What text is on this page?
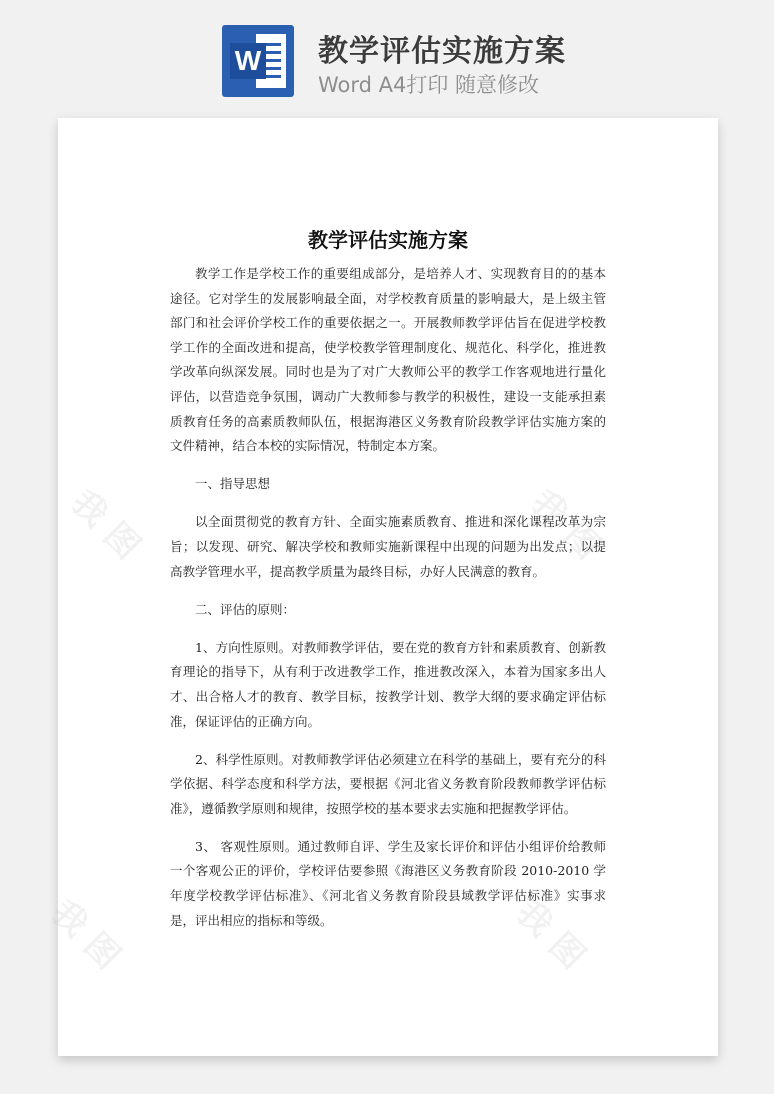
W 教学评估实施方案
Word A4打印 随意修改
我 图	我 图
我 图	我 图
教学评估实施方案

教学工作是学校工作的重要组成部分，是培养人才、实现教育目的的基本途径。它对学生的发展影响最全面，对学校教育质量的影响最大，是上级主管部门和社会评价学校工作的重要依据之一。开展教师教学评估旨在促进学校教学工作的全面改进和提高，使学校教学管理制度化、规范化、科学化，推进教学改革向纵深发展。同时也是为了对广大教师公平的教学工作客观地进行量化评估，以营造竞争氛围，调动广大教师参与教学的积极性，建设一支能承担素质教育任务的高素质教师队伍，根据海港区义务教育阶段教学评估实施方案的文件精神，结合本校的实际情况，特制定本方案。

一、指导思想

以全面贯彻党的教育方针、全面实施素质教育、推进和深化课程改革为宗旨；以发现、研究、解决学校和教师实施新课程中出现的问题为出发点；以提高教学管理水平，提高教学质量为最终目标，办好人民满意的教育。

二、评估的原则：

1、方向性原则。对教师教学评估，要在党的教育方针和素质教育、创新教育理论的指导下，从有利于改进教学工作，推进教改深入，本着为国家多出人才、出合格人才的教育、教学目标，按教学计划、教学大纲的要求确定评估标准，保证评估的正确方向。

2、科学性原则。对教师教学评估必须建立在科学的基础上，要有充分的科学依据、科学态度和科学方法，要根据《河北省义务教育阶段教师教学评估标准》，遵循教学原则和规律，按照学校的基本要求去实施和把握教学评估。

3、 客观性原则。通过教师自评、学生及家长评价和评估小组评价给教师一个客观公正的评价，学校评估要参照《海港区义务教育阶段 2010-2010 学年度学校教学评估标准》、《河北省义务教育阶段县域教学评估标准》实事求是，评出相应的指标和等级。
